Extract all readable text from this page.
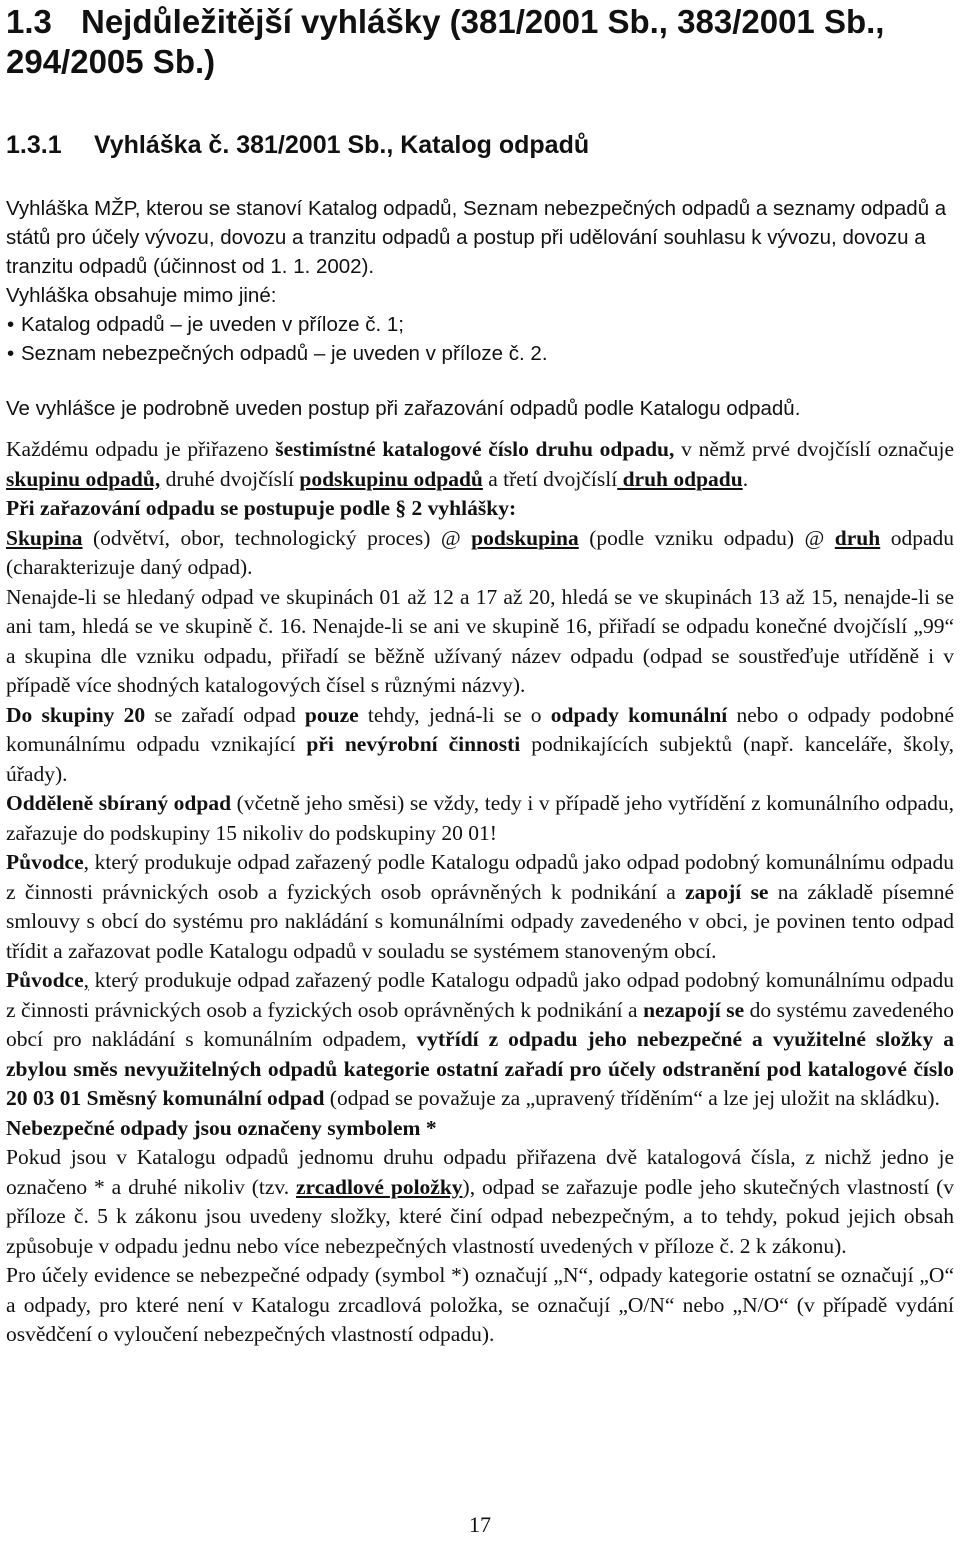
1.3 Nejdůležitější vyhlášky (381/2001 Sb., 383/2001 Sb., 294/2005 Sb.)
1.3.1 Vyhláška č. 381/2001 Sb., Katalog odpadů

Vyhláška MŽP, kterou se stanoví Katalog odpadů, Seznam nebezpečných odpadů a seznamy odpadů a států pro účely vývozu, dovozu a tranzitu odpadů a postup při udělování souhlasu k vývozu, dovozu a tranzitu odpadů (účinnost od 1. 1. 2002).

Vyhláška obsahuje mimo jiné:

• Katalog odpadů – je uveden v příloze č. 1;

• Seznam nebezpečných odpadů – je uveden v příloze č. 2.

Ve vyhlášce je podrobně uveden postup při zařazování odpadů podle Katalogu odpadů.

Každému odpadu je přiřazeno šestimístné katalogové číslo druhu odpadu, v němž prvé dvojčíslí označuje skupinu odpadů, druhé dvojčíslí podskupinu odpadů a třetí dvojčíslí druh odpadu.

Při zařazování odpadu se postupuje podle § 2 vyhlášky:

Skupina (odvětví, obor, technologický proces) @ podskupina (podle vzniku odpadu) @ druh odpadu (charakterizuje daný odpad).

Nenajde-li se hledaný odpad ve skupinách 01 až 12 a 17 až 20, hledá se ve skupinách 13 až 15, nenajde-li se ani tam, hledá se ve skupině č. 16. Nenajde-li se ani ve skupině 16, přiřadí se odpadu konečné dvojčíslí „99“ a skupina dle vzniku odpadu, přiřadí se běžně užívaný název odpadu (odpad se soustřeďuje utříděně i v případě více shodných katalogových čísel s různými názvy).

Do skupiny 20 se zařadí odpad pouze tehdy, jedná-li se o odpady komunální nebo o odpady podobné komunálnímu odpadu vznikající při nevýrobní činnosti podnikajících subjektů (např. kanceláře, školy, úřady).

Odděleně sbíraný odpad (včetně jeho směsi) se vždy, tedy i v případě jeho vytřídění z komunálního odpadu, zařazuje do podskupiny 15 nikoliv do podskupiny 20 01!

Původce, který produkuje odpad zařazený podle Katalogu odpadů jako odpad podobný komunálnímu odpadu z činnosti právnických osob a fyzických osob oprávněných k podnikání a zapojí se na základě písemné smlouvy s obcí do systému pro nakládání s komunálními odpady zavedeného v obci, je povinen tento odpad třídit a zařazovat podle Katalogu odpadů v souladu se systémem stanoveným obcí.

Původce, který produkuje odpad zařazený podle Katalogu odpadů jako odpad podobný komunálnímu odpadu z činnosti právnických osob a fyzických osob oprávněných k podnikání a nezapojí se do systému zavedeného obcí pro nakládání s komunálním odpadem, vytřídí z odpadu jeho nebezpečné a využitelné složky a zbylou směs nevyužitelných odpadů kategorie ostatní zařadí pro účely odstranění pod katalogové číslo 20 03 01 Směsný komunální odpad (odpad se považuje za „upravený tříděním“ a lze jej uložit na skládku).

Nebezpečné odpady jsou označeny symbolem *

Pokud jsou v Katalogu odpadů jednomu druhu odpadu přiřazena dvě katalogová čísla, z nichž jedno je označeno * a druhé nikoliv (tzv. zrcadlové položky), odpad se zařazuje podle jeho skutečných vlastností (v příloze č. 5 k zákonu jsou uvedeny složky, které činí odpad nebezpečným, a to tehdy, pokud jejich obsah způsobuje v odpadu jednu nebo více nebezpečných vlastností uvedených v příloze č. 2 k zákonu).

Pro účely evidence se nebezpečné odpady (symbol *) označují „N“, odpady kategorie ostatní se označují „O“ a odpady, pro které není v Katalogu zrcadlová položka, se označují „O/N“ nebo „N/O“ (v případě vydání osvědčení o vyloučení nebezpečných vlastností odpadu).

17
